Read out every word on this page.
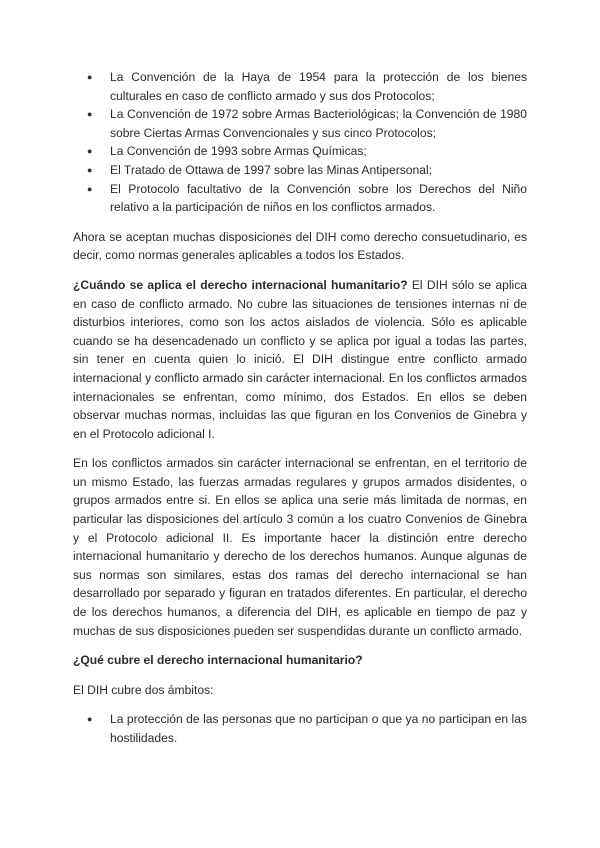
● La Convención de la Haya de 1954 para la protección de los bienes culturales en caso de conflicto armado y sus dos Protocolos;
● La Convención de 1972 sobre Armas Bacteriológicas; la Convención de 1980 sobre Ciertas Armas Convencionales y sus cinco Protocolos;
● La Convención de 1993 sobre Armas Químicas;
● El Tratado de Ottawa de 1997 sobre las Minas Antipersonal;
● El Protocolo facultativo de la Convención sobre los Derechos del Niño relativo a la participación de niños en los conflictos armados.

Ahora se aceptan muchas disposiciones del DIH como derecho consuetudinario, es decir, como normas generales aplicables a todos los Estados.

¿Cuándo se aplica el derecho internacional humanitario? El DIH sólo se aplica en caso de conflicto armado. No cubre las situaciones de tensiones internas ni de disturbios interiores, como son los actos aislados de violencia. Sólo es aplicable cuando se ha desencadenado un conflicto y se aplica por igual a todas las partes, sin tener en cuenta quien lo inició. El DIH distingue entre conflicto armado internacional y conflicto armado sin carácter internacional. En los conflictos armados internacionales se enfrentan, como mínimo, dos Estados. En ellos se deben observar muchas normas, incluidas las que figuran en los Convenios de Ginebra y en el Protocolo adicional I.

En los conflictos armados sin carácter internacional se enfrentan, en el territorio de un mismo Estado, las fuerzas armadas regulares y grupos armados disidentes, o grupos armados entre si. En ellos se aplica una serie más limitada de normas, en particular las disposiciones del artículo 3 común a los cuatro Convenios de Ginebra y el Protocolo adicional II. Es importante hacer la distinción entre derecho internacional humanitario y derecho de los derechos humanos. Aunque algunas de sus normas son similares, estas dos ramas del derecho internacional se han desarrollado por separado y figuran en tratados diferentes. En particular, el derecho de los derechos humanos, a diferencia del DIH, es aplicable en tiempo de paz y muchas de sus disposiciones pueden ser suspendidas durante un conflicto armado.

¿Qué cubre el derecho internacional humanitario?

El DIH cubre dos ámbitos:

● La protección de las personas que no participan o que ya no participan en las hostilidades.
